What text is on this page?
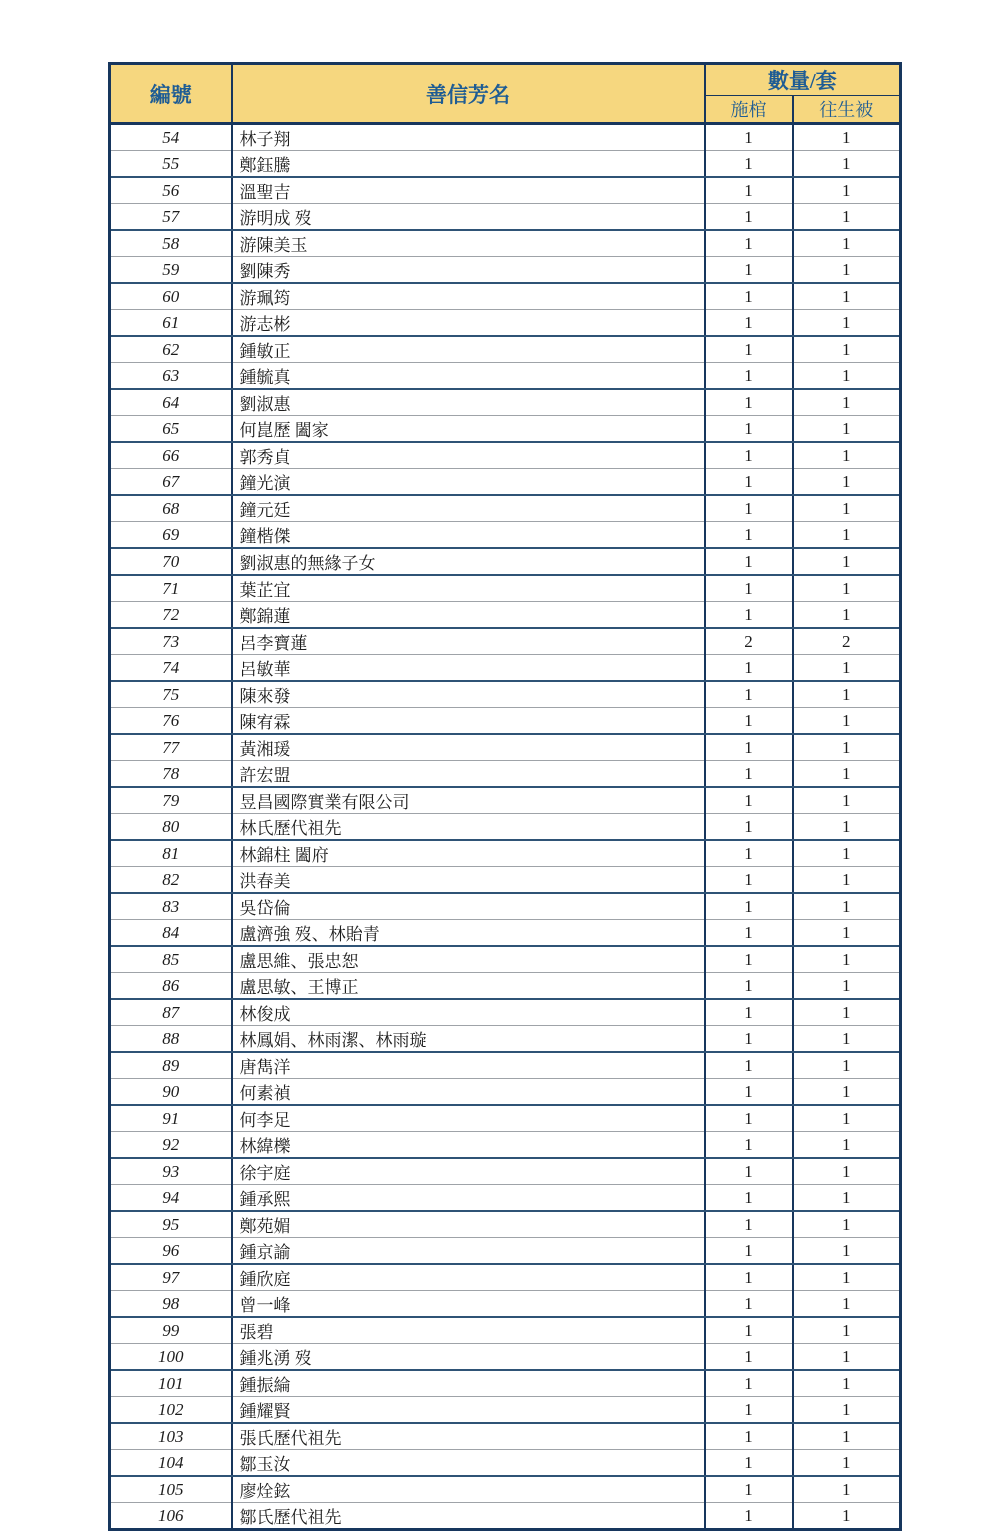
編號	善信芳名	數量/套	
		施棺	往生被
54	林子翔	1	1
55	鄭鈺騰	1	1
56	溫聖吉	1	1
57	游明成 歿	1	1
58	游陳美玉	1	1
59	劉陳秀	1	1
60	游珮筠	1	1
61	游志彬	1	1
62	鍾敏正	1	1
63	鍾毓真	1	1
64	劉淑惠	1	1
65	何崑歷 闔家	1	1
66	郭秀貞	1	1
67	鐘光演	1	1
68	鐘元廷	1	1
69	鐘楷傑	1	1
70	劉淑惠的無緣子女	1	1
71	葉芷宜	1	1
72	鄭錦蓮	1	1
73	呂李寶蓮	2	2
74	呂敏華	1	1
75	陳來發	1	1
76	陳宥霖	1	1
77	黃湘瑗	1	1
78	許宏盟	1	1
79	昱昌國際實業有限公司	1	1
80	林氏歷代祖先	1	1
81	林錦柱 闔府	1	1
82	洪春美	1	1
83	吳岱倫	1	1
84	盧濟強 歿、林貽青	1	1
85	盧思維、張忠恕	1	1
86	盧思敏、王博正	1	1
87	林俊成	1	1
88	林鳳娟、林雨潔、林雨璇	1	1
89	唐雋洋	1	1
90	何素禎	1	1
91	何李足	1	1
92	林緯櫟	1	1
93	徐宇庭	1	1
94	鍾承熙	1	1
95	鄭苑媚	1	1
96	鍾京諭	1	1
97	鍾欣庭	1	1
98	曾一峰	1	1
99	張碧	1	1
100	鍾兆湧 歿	1	1
101	鍾振綸	1	1
102	鍾耀賢	1	1
103	張氏歷代祖先	1	1
104	鄒玉汝	1	1
105	廖烇鉉	1	1
106	鄒氏歷代祖先	1	1
